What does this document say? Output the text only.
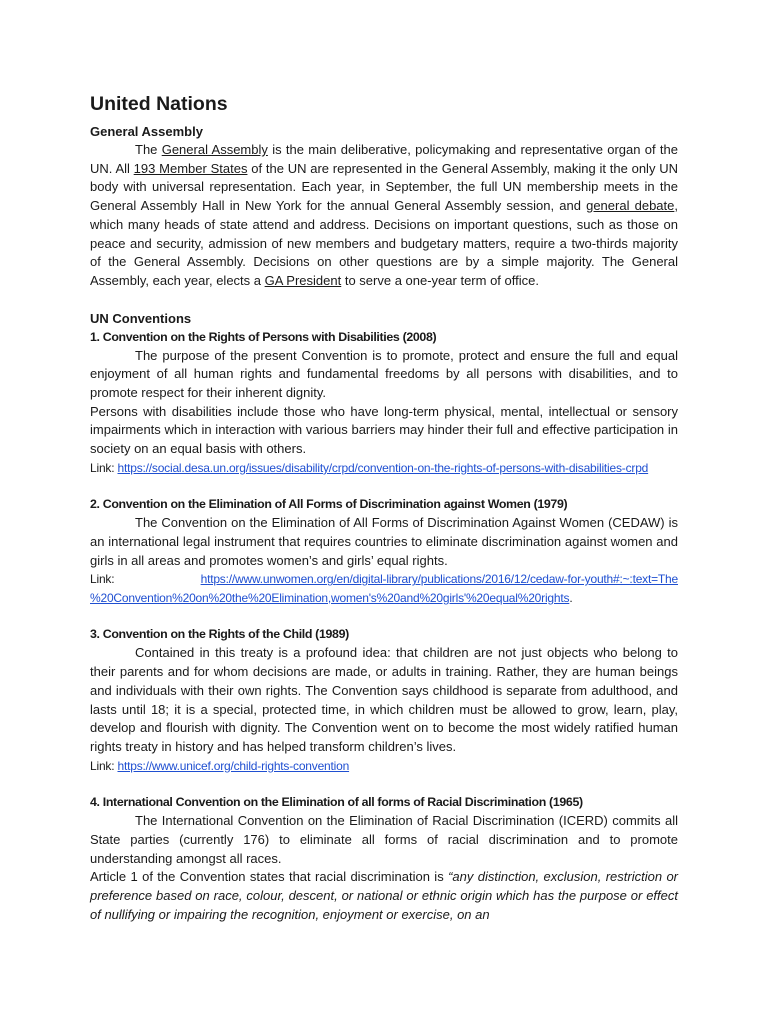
United Nations
General Assembly

The General Assembly is the main deliberative, policymaking and representative organ of the UN. All 193 Member States of the UN are represented in the General Assembly, making it the only UN body with universal representation. Each year, in September, the full UN membership meets in the General Assembly Hall in New York for the annual General Assembly session, and general debate, which many heads of state attend and address. Decisions on important questions, such as those on peace and security, admission of new members and budgetary matters, require a two-thirds majority of the General Assembly. Decisions on other questions are by a simple majority. The General Assembly, each year, elects a GA President to serve a one-year term of office.

UN Conventions
1. Convention on the Rights of Persons with Disabilities (2008)

The purpose of the present Convention is to promote, protect and ensure the full and equal enjoyment of all human rights and fundamental freedoms by all persons with disabilities, and to promote respect for their inherent dignity.

Persons with disabilities include those who have long-term physical, mental, intellectual or sensory impairments which in interaction with various barriers may hinder their full and effective participation in society on an equal basis with others.

Link: https://social.desa.un.org/issues/disability/crpd/convention-on-the-rights-of-persons-with-disabilities-crpd

2. Convention on the Elimination of All Forms of Discrimination against Women (1979)

The Convention on the Elimination of All Forms of Discrimination Against Women (CEDAW) is an international legal instrument that requires countries to eliminate discrimination against women and girls in all areas and promotes women’s and girls’ equal rights.

Link:	https://www.unwomen.org/en/digital-library/publications/2016/12/cedaw-for-youth#:~:text=The

%20Convention%20on%20the%20Elimination,women's%20and%20girls'%20equal%20rights.

3. Convention on the Rights of the Child (1989)

Contained in this treaty is a profound idea: that children are not just objects who belong to their parents and for whom decisions are made, or adults in training. Rather, they are human beings and individuals with their own rights. The Convention says childhood is separate from adulthood, and lasts until 18; it is a special, protected time, in which children must be allowed to grow, learn, play, develop and flourish with dignity. The Convention went on to become the most widely ratified human rights treaty in history and has helped transform children’s lives.

Link: https://www.unicef.org/child-rights-convention

4. International Convention on the Elimination of all forms of Racial Discrimination (1965)

The International Convention on the Elimination of Racial Discrimination (ICERD) commits all State parties (currently 176) to eliminate all forms of racial discrimination and to promote understanding amongst all races.

Article 1 of the Convention states that racial discrimination is “any distinction, exclusion, restriction or preference based on race, colour, descent, or national or ethnic origin which has the purpose or effect of nullifying or impairing the recognition, enjoyment or exercise, on an
